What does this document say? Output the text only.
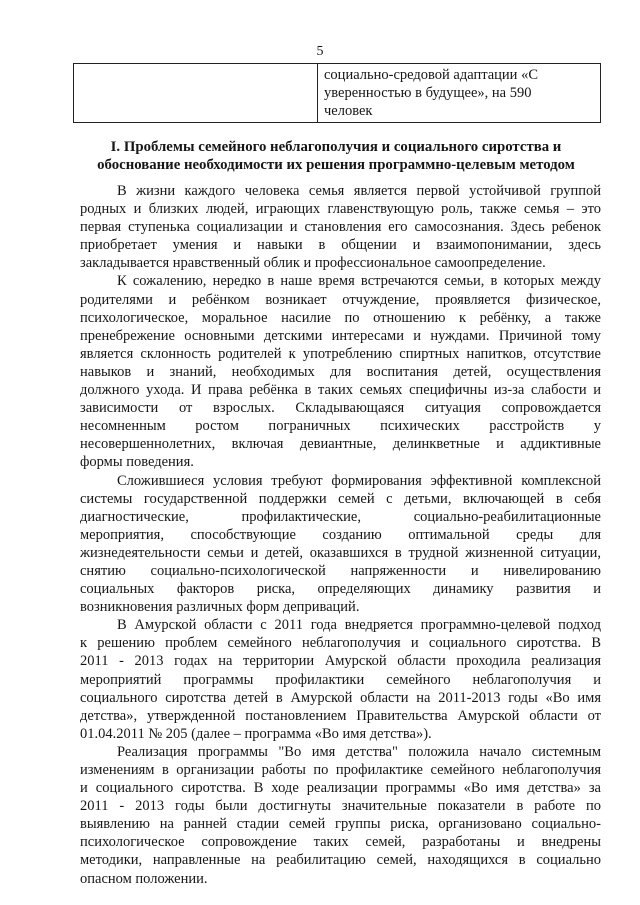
5

социально-средовой адаптации «С
уверенностью в будущее», на 590
человек
I. Проблемы семейного неблагополучия и социального сиротства и
обоснование необходимости их решения программно-целевым методом
В жизни каждого человека семья является первой устойчивой группой
родных и близких людей, играющих главенствующую роль, также семья – это
первая ступенька социализации и становления его самосознания. Здесь ребенок
приобретает умения и навыки в общении и взаимопонимании, здесь
закладывается нравственный облик и профессиональное самоопределение.
К сожалению, нередко в наше время встречаются семьи, в которых между
родителями и ребёнком возникает отчуждение, проявляется физическое,
психологическое, моральное насилие по отношению к ребёнку, а также
пренебрежение основными детскими интересами и нуждами. Причиной тому
является склонность родителей к употреблению спиртных напитков, отсутствие
навыков и знаний, необходимых для воспитания детей, осуществления
должного ухода. И права ребёнка в таких семьях специфичны из-за слабости и
зависимости от взрослых. Складывающаяся ситуация сопровождается
несомненным ростом пограничных психических расстройств у
несовершеннолетних, включая девиантные, делинкветные и аддиктивные
формы поведения.
Сложившиеся условия требуют формирования эффективной комплексной
системы государственной поддержки семей с детьми, включающей в себя
диагностические, профилактические, социально-реабилитационные
мероприятия, способствующие созданию оптимальной среды для
жизнедеятельности семьи и детей, оказавшихся в трудной жизненной ситуации,
снятию социально-психологической напряженности и нивелированию
социальных факторов риска, определяющих динамику развития и
возникновения различных форм деприваций.
В Амурской области с 2011 года внедряется программно-целевой подход
к решению проблем семейного неблагополучия и социального сиротства. В
2011 - 2013 годах на территории Амурской области проходила реализация
мероприятий программы профилактики семейного неблагополучия и
социального сиротства детей в Амурской области на 2011-2013 годы «Во имя
детства», утвержденной постановлением Правительства Амурской области от
01.04.2011 № 205 (далее – программа «Во имя детства»).
Реализация программы "Во имя детства" положила начало системным
изменениям в организации работы по профилактике семейного неблагополучия
и социального сиротства. В ходе реализации программы «Во имя детства» за
2011 - 2013 годы были достигнуты значительные показатели в работе по
выявлению на ранней стадии семей группы риска, организовано социально-
психологическое сопровождение таких семей, разработаны и внедрены
методики, направленные на реабилитацию семей, находящихся в социально
опасном положении.
